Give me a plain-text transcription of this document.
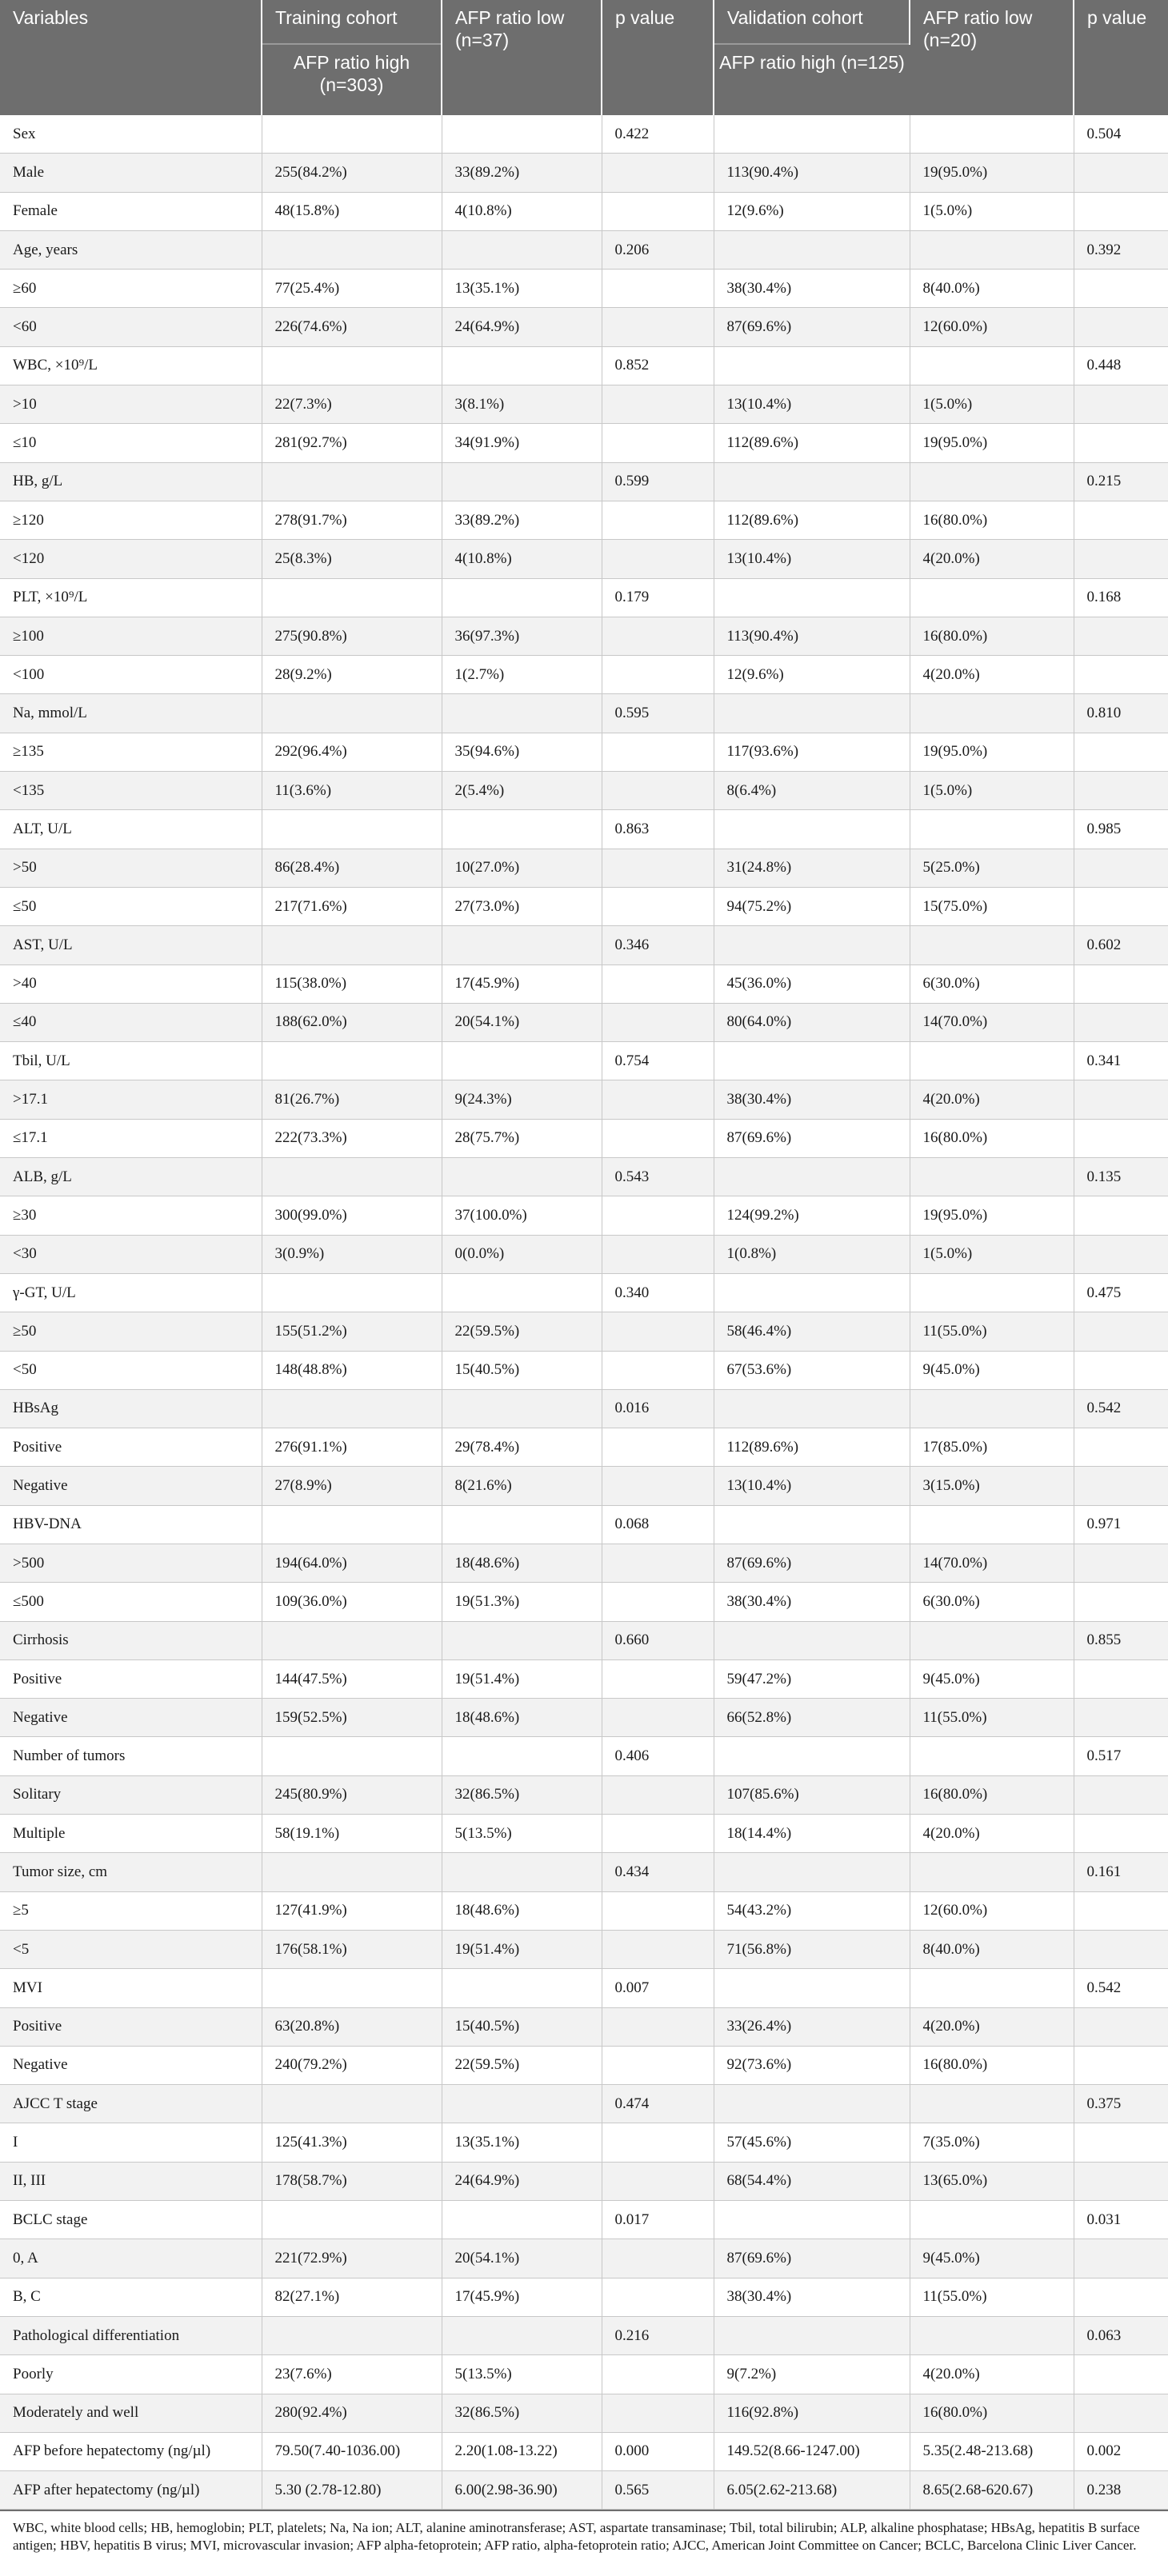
Variables	Training cohort	AFP ratio low (n=37)	p value	Validation cohort	AFP ratio low (n=20)	p value
	AFP ratio high (n=303)			AFP ratio high (n=125)		
Sex			0.422			0.504
Male	255(84.2%)	33(89.2%)		113(90.4%)	19(95.0%)	
Female	48(15.8%)	4(10.8%)		12(9.6%)	1(5.0%)	
Age, years			0.206			0.392
≥60	77(25.4%)	13(35.1%)		38(30.4%)	8(40.0%)	
<60	226(74.6%)	24(64.9%)		87(69.6%)	12(60.0%)	
WBC, ×10⁹/L			0.852			0.448
>10	22(7.3%)	3(8.1%)		13(10.4%)	1(5.0%)	
≤10	281(92.7%)	34(91.9%)		112(89.6%)	19(95.0%)	
HB, g/L			0.599			0.215
≥120	278(91.7%)	33(89.2%)		112(89.6%)	16(80.0%)	
<120	25(8.3%)	4(10.8%)		13(10.4%)	4(20.0%)	
PLT, ×10⁹/L			0.179			0.168
≥100	275(90.8%)	36(97.3%)		113(90.4%)	16(80.0%)	
<100	28(9.2%)	1(2.7%)		12(9.6%)	4(20.0%)	
Na, mmol/L			0.595			0.810
≥135	292(96.4%)	35(94.6%)		117(93.6%)	19(95.0%)	
<135	11(3.6%)	2(5.4%)		8(6.4%)	1(5.0%)	
ALT, U/L			0.863			0.985
>50	86(28.4%)	10(27.0%)		31(24.8%)	5(25.0%)	
≤50	217(71.6%)	27(73.0%)		94(75.2%)	15(75.0%)	
AST, U/L			0.346			0.602
>40	115(38.0%)	17(45.9%)		45(36.0%)	6(30.0%)	
≤40	188(62.0%)	20(54.1%)		80(64.0%)	14(70.0%)	
Tbil, U/L			0.754			0.341
>17.1	81(26.7%)	9(24.3%)		38(30.4%)	4(20.0%)	
≤17.1	222(73.3%)	28(75.7%)		87(69.6%)	16(80.0%)	
ALB, g/L			0.543			0.135
≥30	300(99.0%)	37(100.0%)		124(99.2%)	19(95.0%)	
<30	3(0.9%)	0(0.0%)		1(0.8%)	1(5.0%)	
γ-GT, U/L			0.340			0.475
≥50	155(51.2%)	22(59.5%)		58(46.4%)	11(55.0%)	
<50	148(48.8%)	15(40.5%)		67(53.6%)	9(45.0%)	
HBsAg			0.016			0.542
Positive	276(91.1%)	29(78.4%)		112(89.6%)	17(85.0%)	
Negative	27(8.9%)	8(21.6%)		13(10.4%)	3(15.0%)	
HBV-DNA			0.068			0.971
>500	194(64.0%)	18(48.6%)		87(69.6%)	14(70.0%)	
≤500	109(36.0%)	19(51.3%)		38(30.4%)	6(30.0%)	
Cirrhosis			0.660			0.855
Positive	144(47.5%)	19(51.4%)		59(47.2%)	9(45.0%)	
Negative	159(52.5%)	18(48.6%)		66(52.8%)	11(55.0%)	
Number of tumors			0.406			0.517
Solitary	245(80.9%)	32(86.5%)		107(85.6%)	16(80.0%)	
Multiple	58(19.1%)	5(13.5%)		18(14.4%)	4(20.0%)	
Tumor size, cm			0.434			0.161
≥5	127(41.9%)	18(48.6%)		54(43.2%)	12(60.0%)	
<5	176(58.1%)	19(51.4%)		71(56.8%)	8(40.0%)	
MVI			0.007			0.542
Positive	63(20.8%)	15(40.5%)		33(26.4%)	4(20.0%)	
Negative	240(79.2%)	22(59.5%)		92(73.6%)	16(80.0%)	
AJCC T stage			0.474			0.375
I	125(41.3%)	13(35.1%)		57(45.6%)	7(35.0%)	
II, III	178(58.7%)	24(64.9%)		68(54.4%)	13(65.0%)	
BCLC stage			0.017			0.031
0, A	221(72.9%)	20(54.1%)		87(69.6%)	9(45.0%)	
B, C	82(27.1%)	17(45.9%)		38(30.4%)	11(55.0%)	
Pathological differentiation			0.216			0.063
Poorly	23(7.6%)	5(13.5%)		9(7.2%)	4(20.0%)	
Moderately and well	280(92.4%)	32(86.5%)		116(92.8%)	16(80.0%)	
AFP before hepatectomy (ng/µl)	79.50(7.40-1036.00)	2.20(1.08-13.22)	0.000	149.52(8.66-1247.00)	5.35(2.48-213.68)	0.002
AFP after hepatectomy (ng/µl)	5.30 (2.78-12.80)	6.00(2.98-36.90)	0.565	6.05(2.62-213.68)	8.65(2.68-620.67)	0.238
WBC, white blood cells; HB, hemoglobin; PLT, platelets; Na, Na ion; ALT, alanine aminotransferase; AST, aspartate transaminase; Tbil, total bilirubin; ALP, alkaline phosphatase; HBsAg, hepatitis B surface antigen; HBV, hepatitis B virus; MVI, microvascular invasion; AFP alpha-fetoprotein; AFP ratio, alpha-fetoprotein ratio; AJCC, American Joint Committee on Cancer; BCLC, Barcelona Clinic Liver Cancer.
